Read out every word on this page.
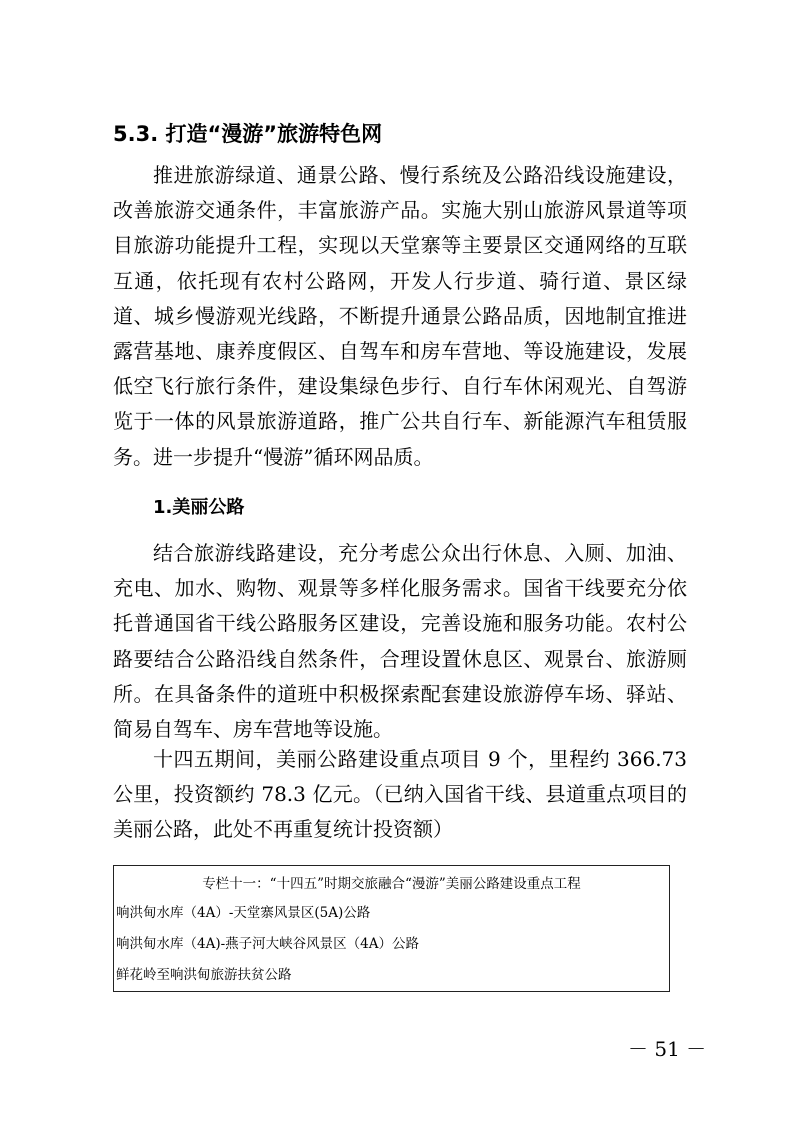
5.3. 打造“漫游”旅游特色网

推进旅游绿道、通景公路、慢行系统及公路沿线设施建设，改善旅游交通条件，丰富旅游产品。实施大别山旅游风景道等项目旅游功能提升工程，实现以天堂寨等主要景区交通网络的互联互通，依托现有农村公路网，开发人行步道、骑行道、景区绿道、城乡慢游观光线路，不断提升通景公路品质，因地制宜推进露营基地、康养度假区、自驾车和房车营地、等设施建设，发展低空飞行旅行条件，建设集绿色步行、自行车休闲观光、自驾游览于一体的风景旅游道路，推广公共自行车、新能源汽车租赁服务。进一步提升“慢游”循环网品质。

1.美丽公路

结合旅游线路建设，充分考虑公众出行休息、入厕、加油、充电、加水、购物、观景等多样化服务需求。国省干线要充分依托普通国省干线公路服务区建设，完善设施和服务功能。农村公路要结合公路沿线自然条件，合理设置休息区、观景台、旅游厕所。在具备条件的道班中积极探索配套建设旅游停车场、驿站、简易自驾车、房车营地等设施。

十四五期间，美丽公路建设重点项目 9 个，里程约 366.73 公里，投资额约 78.3 亿元。（已纳入国省干线、县道重点项目的美丽公路，此处不再重复统计投资额）

专栏十一：“十四五”时期交旅融合“漫游”美丽公路建设重点工程
响洪甸水库（4A）-天堂寨风景区(5A)公路
响洪甸水库（4A)-燕子河大峡谷风景区（4A）公路
鲜花岭至响洪甸旅游扶贫公路
－ 51 －
